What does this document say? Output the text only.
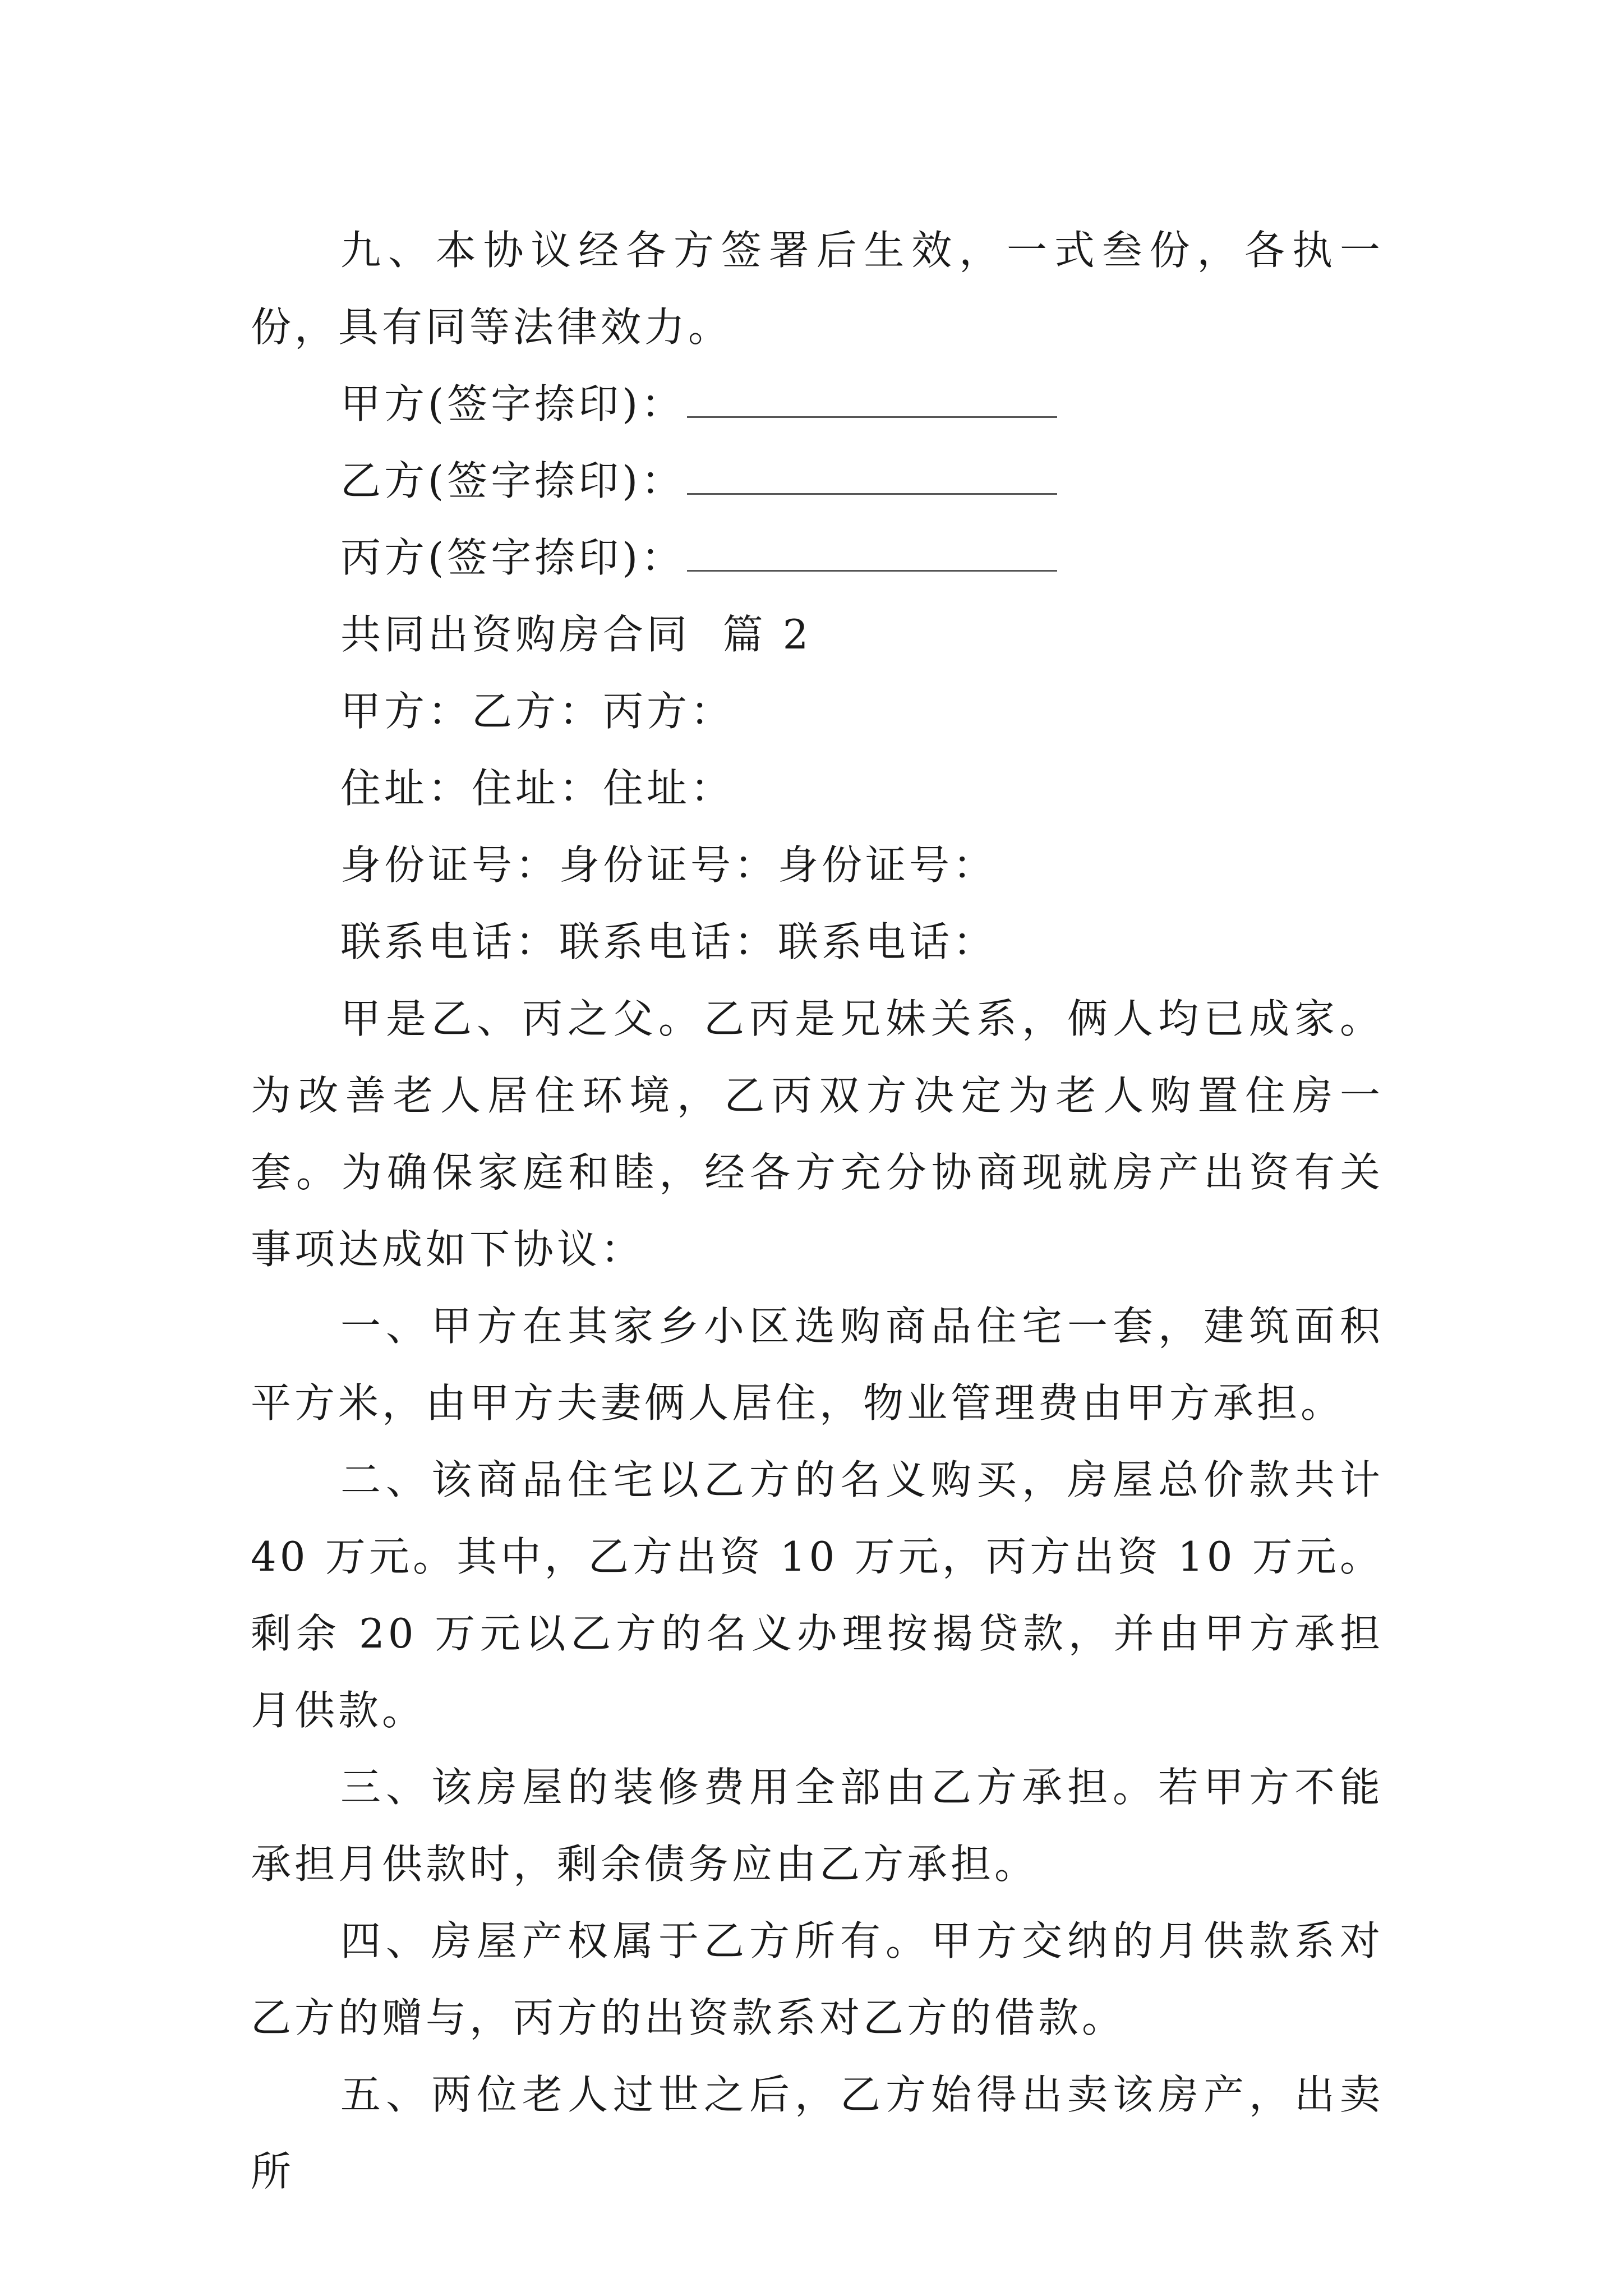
九、本协议经各方签署后生效，一式叁份，各执一份，具有同等法律效力。

甲方(签字捺印)：
乙方(签字捺印)：
丙方(签字捺印)：

共同出资购房合同  篇 2

甲方：乙方：丙方：

住址：住址：住址：

身份证号：身份证号：身份证号：

联系电话：联系电话：联系电话：

甲是乙、丙之父。乙丙是兄妹关系，俩人均已成家。为改善老人居住环境，乙丙双方决定为老人购置住房一套。为确保家庭和睦，经各方充分协商现就房产出资有关事项达成如下协议：

一、甲方在其家乡小区选购商品住宅一套，建筑面积平方米，由甲方夫妻俩人居住，物业管理费由甲方承担。

二、该商品住宅以乙方的名义购买，房屋总价款共计 40 万元。其中，乙方出资 10 万元，丙方出资 10 万元。剩余 20 万元以乙方的名义办理按揭贷款，并由甲方承担月供款。

三、该房屋的装修费用全部由乙方承担。若甲方不能承担月供款时，剩余债务应由乙方承担。

四、房屋产权属于乙方所有。甲方交纳的月供款系对乙方的赠与，丙方的出资款系对乙方的借款。

五、两位老人过世之后，乙方始得出卖该房产，出卖所
